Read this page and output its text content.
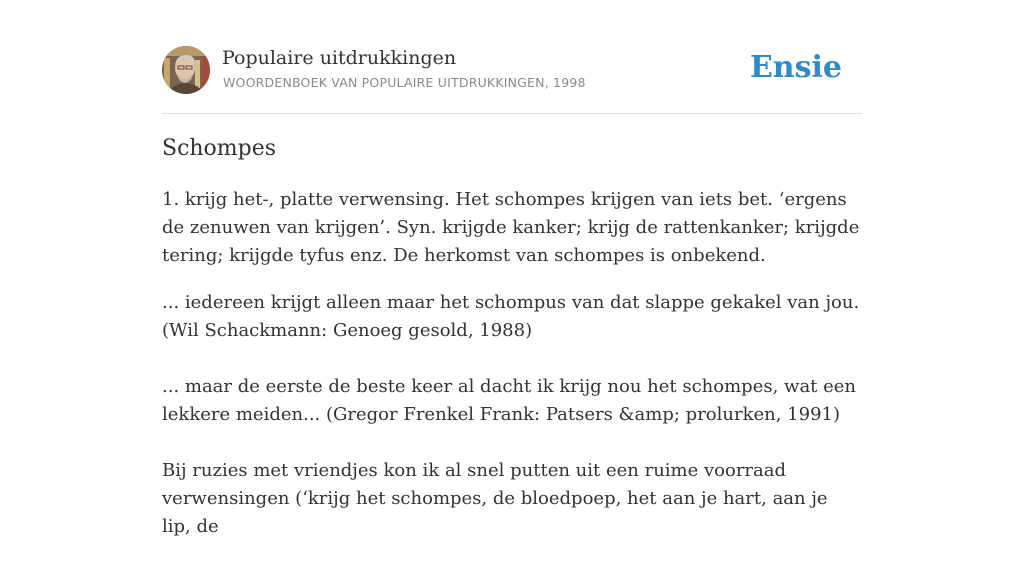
Populaire uitdrukkingen
WOORDENBOEK VAN POPULAIRE UITDRUKKINGEN, 1998	Ensie
Schompes

1. krijg het-, platte verwensing. Het schompes krijgen van iets bet. ‘ergens de zenuwen van krijgen’. Syn. krijgde kanker; krijg de rattenkanker; krijgde tering; krijgde tyfus enz. De herkomst van schompes is onbekend.

... iedereen krijgt alleen maar het schompus van dat slappe gekakel van jou. (Wil Schackmann: Genoeg gesold, 1988)

... maar de eerste de beste keer al dacht ik krijg nou het schompes, wat een lekkere meiden... (Gregor Frenkel Frank: Patsers &amp; prolurken, 1991)

Bij ruzies met vriendjes kon ik al snel putten uit een ruime voorraad verwensingen (‘krijg het schompes, de bloedpoep, het aan je hart, aan je lip, de
